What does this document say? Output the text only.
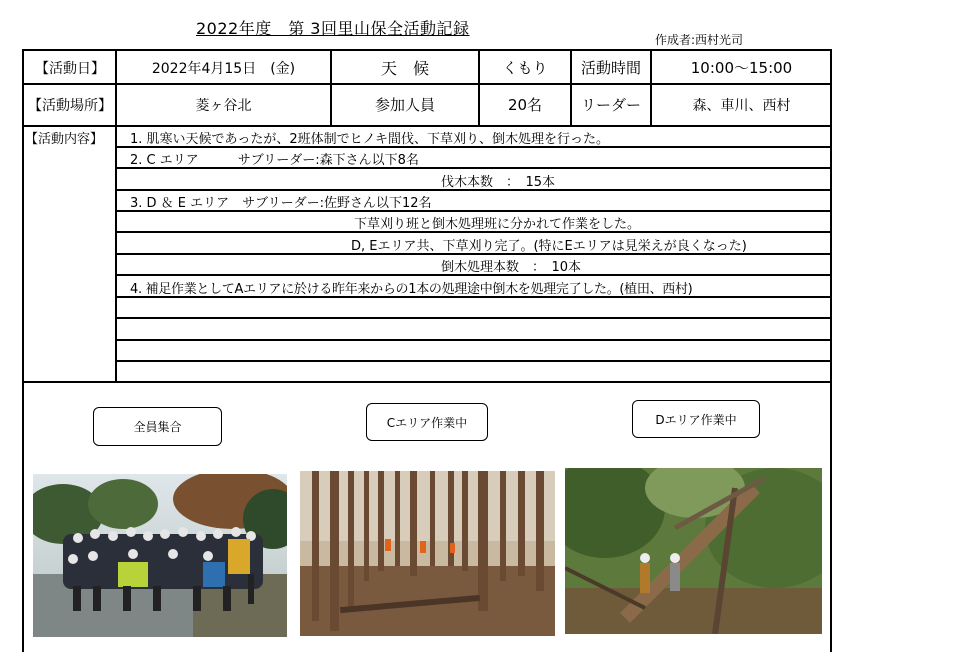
2022年度　第 3回里山保全活動記録
作成者:西村光司
【活動日】	2022年4月15日　(金)	天　候	くもり	活動時間	10:00〜15:00
【活動場所】	菱ヶ谷北	参加人員	20名	リーダー	森、車川、西村
【活動内容】 1. 肌寒い天候であったが、2班体制でヒノキ間伐、下草刈り、倒木処理を行った。
2. C エリア　　　サブリーダー:森下さん以下8名
伐木本数　：　15本
3. D ＆ E エリア　サブリーダー:佐野さん以下12名
下草刈り班と倒木処理班に分かれて作業をした。
D, Eエリア共、下草刈り完了。(特にEエリアは見栄えが良くなった)
倒木処理本数　：　10本
4. 補足作業としてAエリアに於ける昨年来からの1本の処理途中倒木を処理完了した。(植田、西村)
全員集合	Cエリア作業中	Dエリア作業中
